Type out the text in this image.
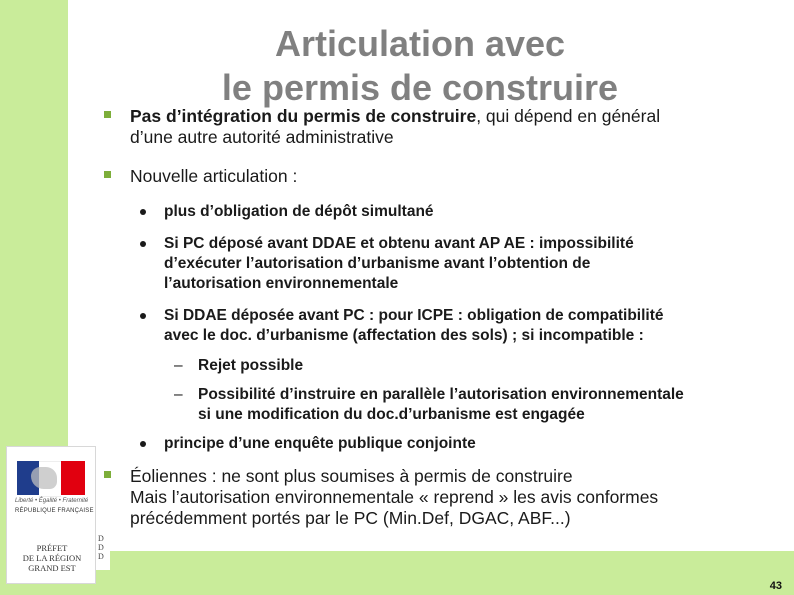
Liberté • Égalité • Fraternité
RÉPUBLIQUE FRANÇAISE
PRÉFET
DE LA RÉGION
GRAND EST
D
D
D
Articulation avec
le permis de construire
Pas d’intégration du permis de construire, qui dépend en général
d’une autre autorité administrative
Nouvelle articulation :
plus d’obligation de dépôt simultané
Si PC déposé avant DDAE et obtenu avant AP AE : impossibilité
d’exécuter l’autorisation d’urbanisme avant l’obtention de
l’autorisation environnementale
Si DDAE déposée avant PC : pour ICPE : obligation de compatibilité
avec le doc. d’urbanisme (affectation des sols) ; si incompatible :
– Rejet possible
– Possibilité d’instruire en parallèle l’autorisation environnementale
si une modification du doc.d’urbanisme est engagée
principe d’une enquête publique conjointe
Éoliennes : ne sont plus soumises à permis de construire
Mais l’autorisation environnementale « reprend » les avis conformes
précédemment portés par le PC (Min.Def, DGAC, ABF...)
43
